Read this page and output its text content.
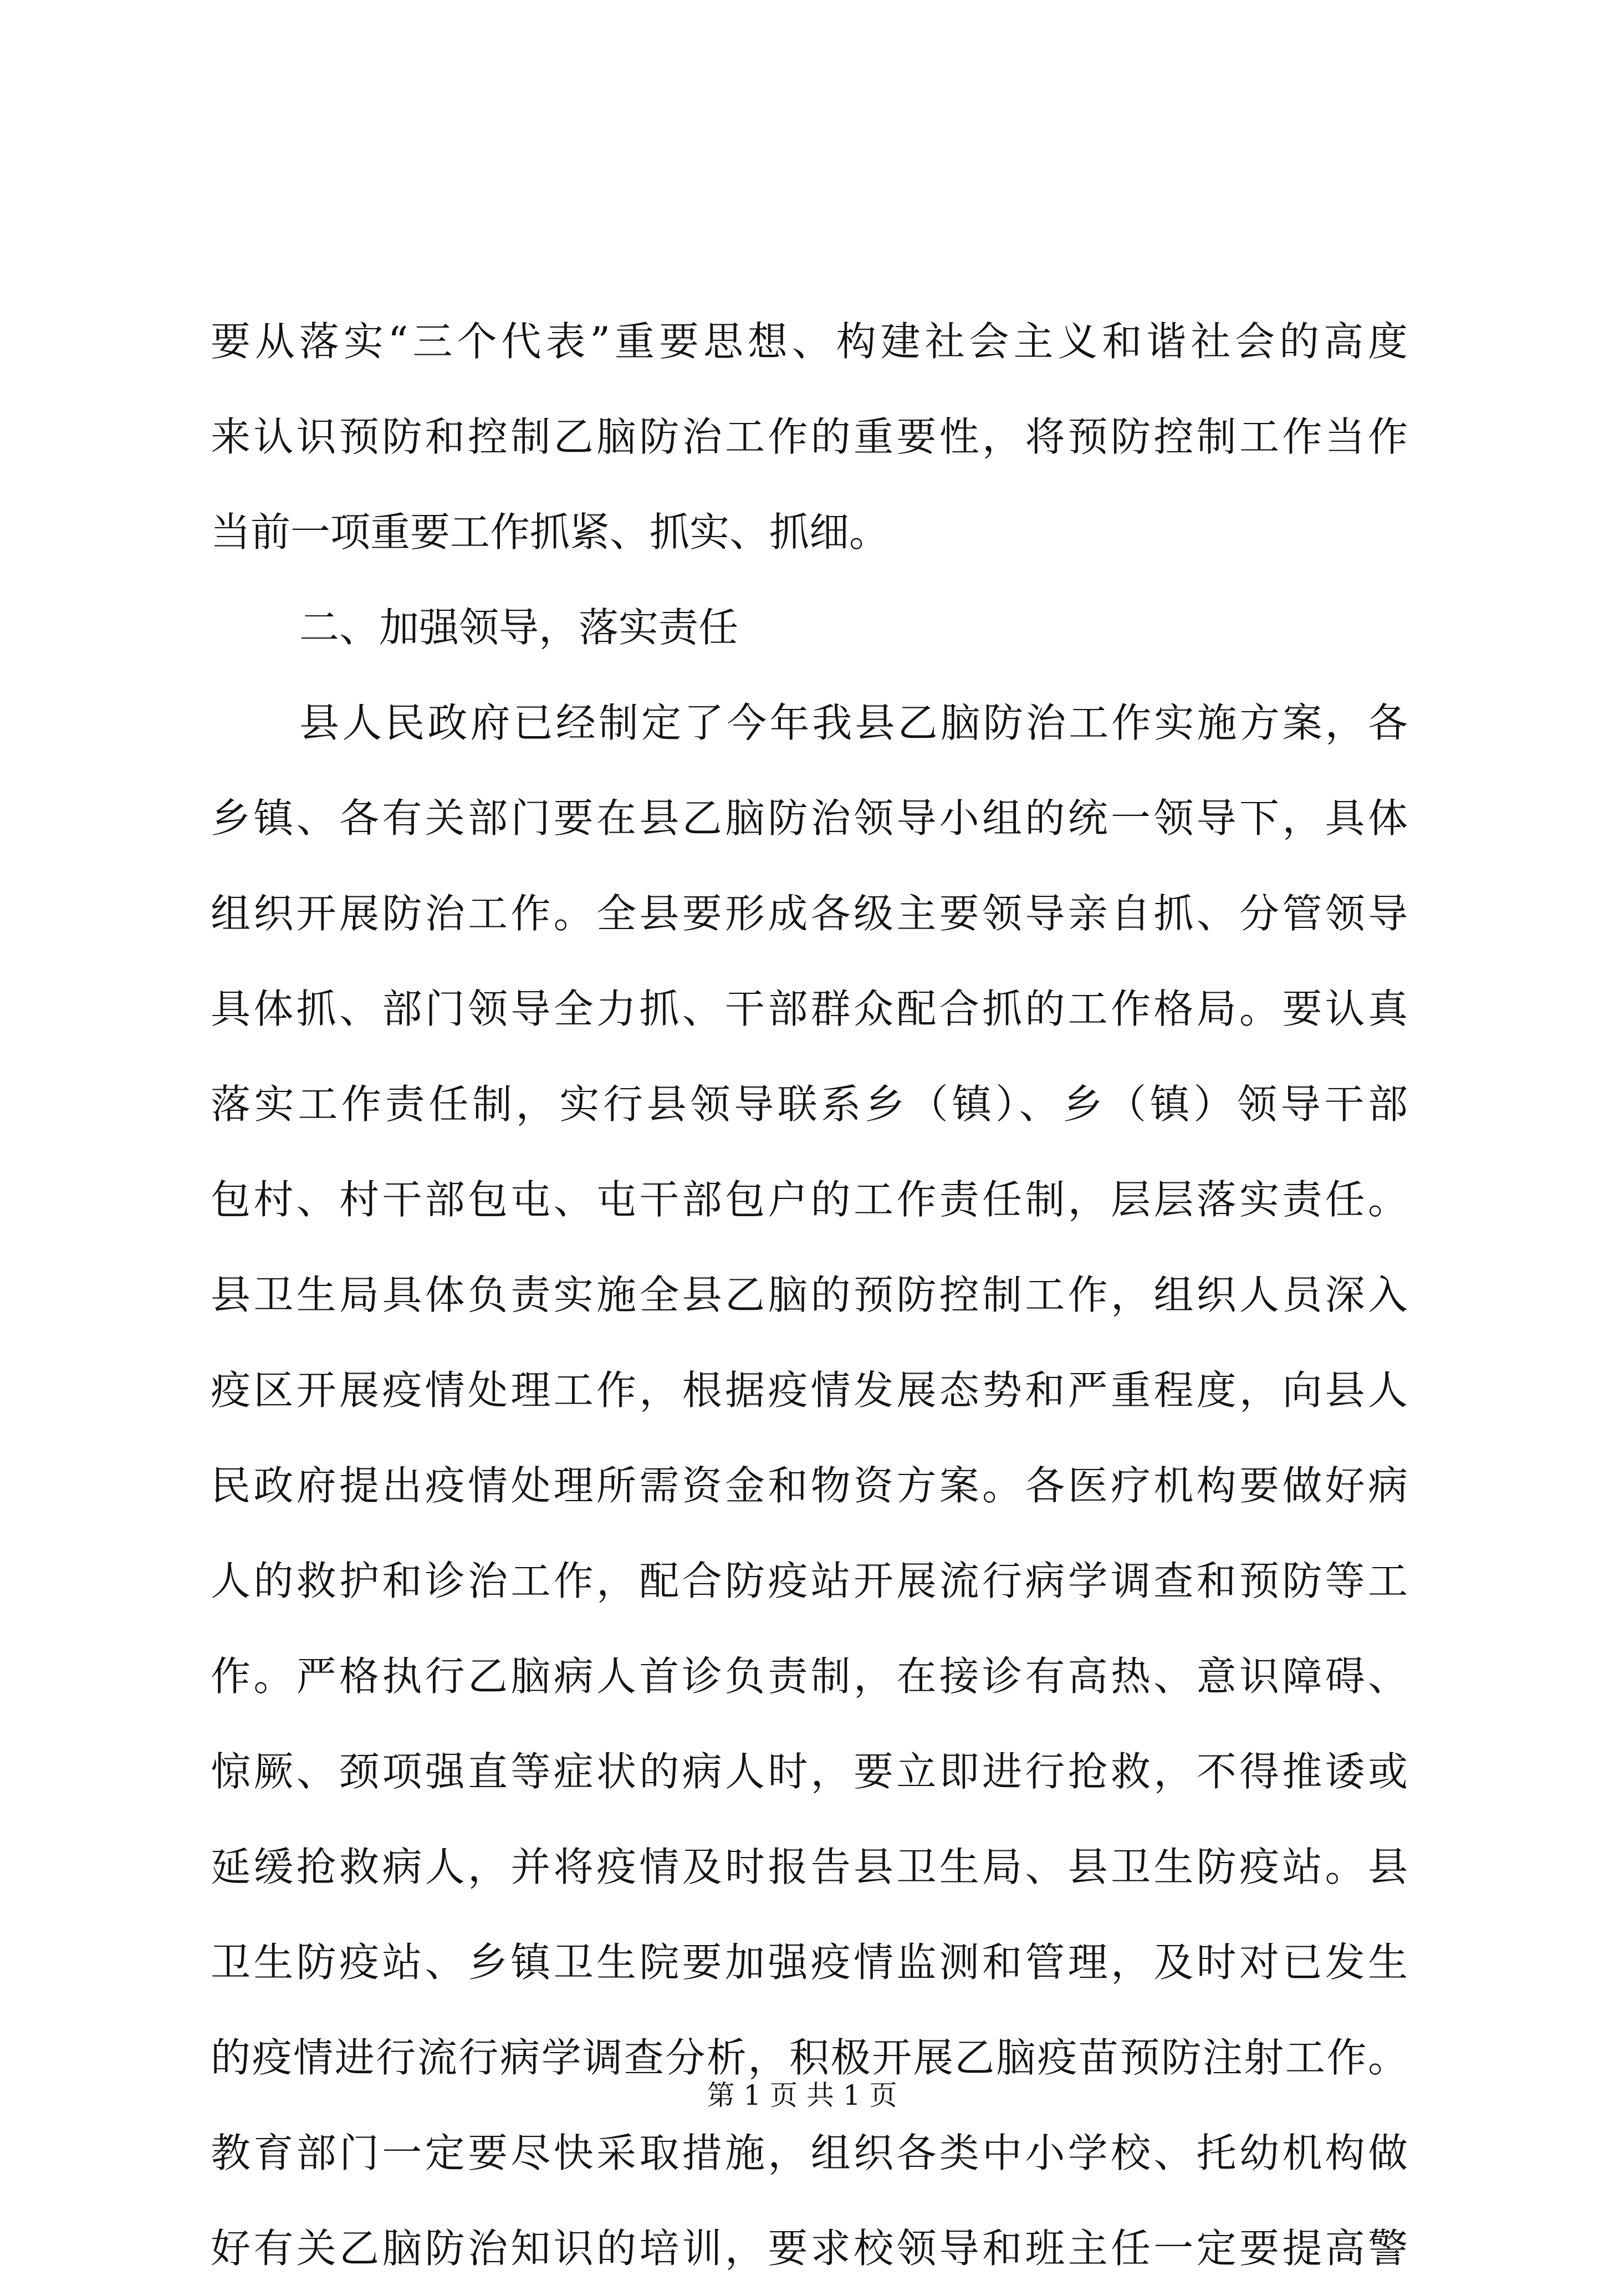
要从落实“三个代表”重要思想、构建社会主义和谐社会的高度
来认识预防和控制乙脑防治工作的重要性，将预防控制工作当作
当前一项重要工作抓紧、抓实、抓细。
二、加强领导，落实责任
县人民政府已经制定了今年我县乙脑防治工作实施方案，各
乡镇、各有关部门要在县乙脑防治领导小组的统一领导下，具体
组织开展防治工作。全县要形成各级主要领导亲自抓、分管领导
具体抓、部门领导全力抓、干部群众配合抓的工作格局。要认真
落实工作责任制，实行县领导联系乡（镇）、乡（镇）领导干部
包村、村干部包屯、屯干部包户的工作责任制，层层落实责任。
县卫生局具体负责实施全县乙脑的预防控制工作，组织人员深入
疫区开展疫情处理工作，根据疫情发展态势和严重程度，向县人
民政府提出疫情处理所需资金和物资方案。各医疗机构要做好病
人的救护和诊治工作，配合防疫站开展流行病学调查和预防等工
作。严格执行乙脑病人首诊负责制，在接诊有高热、意识障碍、
惊厥、颈项强直等症状的病人时，要立即进行抢救，不得推诿或
延缓抢救病人，并将疫情及时报告县卫生局、县卫生防疫站。县
卫生防疫站、乡镇卫生院要加强疫情监测和管理，及时对已发生
的疫情进行流行病学调查分析，积极开展乙脑疫苗预防注射工作。
教育部门一定要尽快采取措施，组织各类中小学校、托幼机构做
好有关乙脑防治知识的培训，要求校领导和班主任一定要提高警
第 1 页 共 1 页
